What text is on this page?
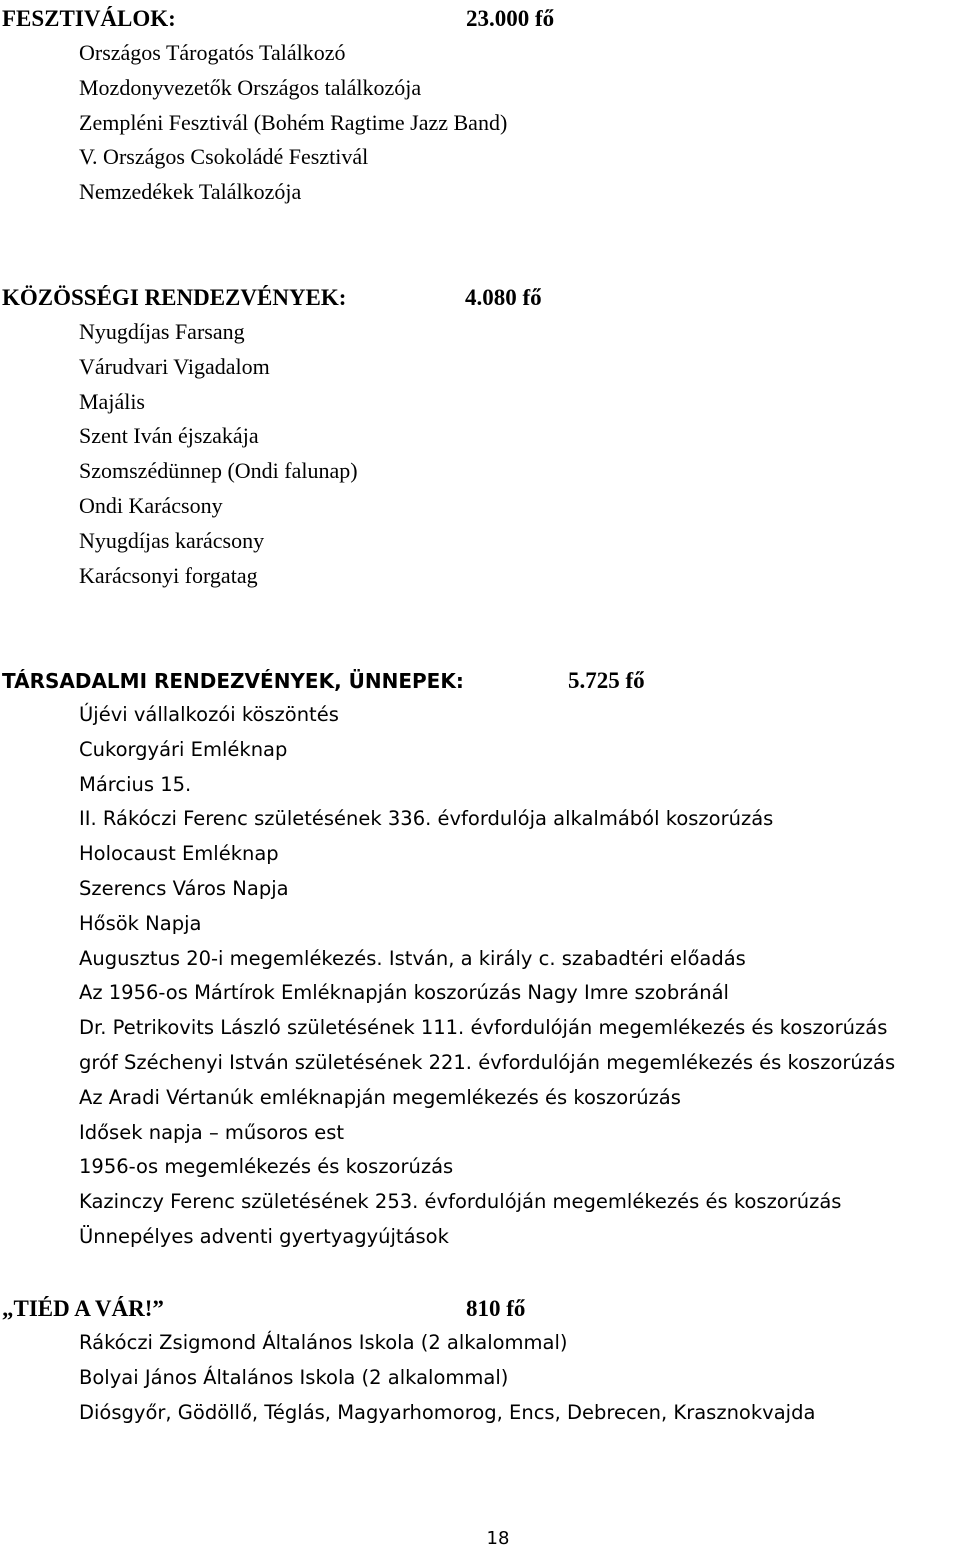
FESZTIVÁLOK:	23.000 fő
Országos Tárogatós Találkozó
Mozdonyvezetők Országos találkozója
Zempléni Fesztivál (Bohém Ragtime Jazz Band)
V. Országos Csokoládé Fesztivál
Nemzedékek Találkozója
KÖZÖSSÉGI RENDEZVÉNYEK:	4.080 fő
Nyugdíjas Farsang
Várudvari Vigadalom
Majális
Szent Iván éjszakája
Szomszédünnep (Ondi falunap)
Ondi Karácsony
Nyugdíjas karácsony
Karácsonyi forgatag
TÁRSADALMI RENDEZVÉNYEK, ÜNNEPEK:	5.725 fő
Újévi vállalkozói köszöntés
Cukorgyári Emléknap
Március 15.
II. Rákóczi Ferenc születésének 336. évfordulója alkalmából koszorúzás
Holocaust Emléknap
Szerencs Város Napja
Hősök Napja
Augusztus 20-i megemlékezés. István, a király c. szabadtéri előadás
Az 1956-os Mártírok Emléknapján koszorúzás Nagy Imre szobránál
Dr. Petrikovits László születésének 111. évfordulóján megemlékezés és koszorúzás
gróf Széchenyi István születésének 221. évfordulóján megemlékezés és koszorúzás
Az Aradi Vértanúk emléknapján megemlékezés és koszorúzás
Idősek napja – műsoros est
1956-os megemlékezés és koszorúzás
Kazinczy Ferenc születésének 253. évfordulóján megemlékezés és koszorúzás
Ünnepélyes adventi gyertyagyújtások
„TIÉD A VÁR!”	810 fő
Rákóczi Zsigmond Általános Iskola (2 alkalommal)
Bolyai János Általános Iskola (2 alkalommal)
Diósgyőr, Gödöllő, Téglás, Magyarhomorog, Encs, Debrecen, Krasznokvajda
18
